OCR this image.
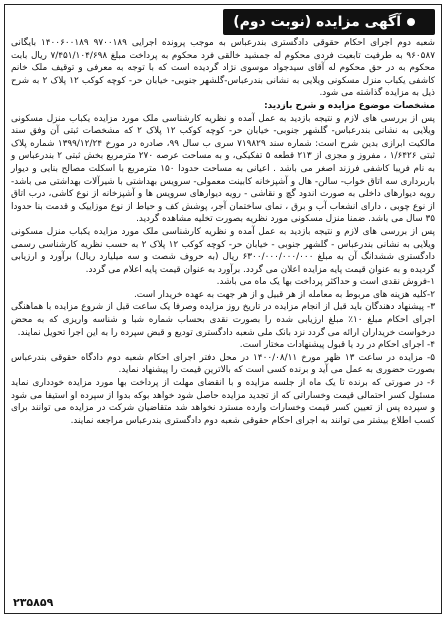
آگهی مزایده (نوبت دوم)

شعبه دوم اجرای احکام حقوقی دادگستری بندرعباس به موجب پرونده اجرایی ۹۷۰۰۱۸۹ ۱۴۰۰۶۰۰۱۸۹ بایگانی ۹۶۰۵۸۷ به طرفیت تابعیت فردی محکوم له جمشید خالقی فرد محکوم به پرداخت مبلغ ۷/۴۵۱/۱۰۴/۶۹۸ ریال بابت محکوم به در حق محکوم له آقای سیدجواد موسوی نژاد گردیده است که با توجه به معرفی و توقیف ملک خانم کاشفی یکباب منزل مسکونی ویلایی به نشانی بندرعباس-گلشهر جنوبی- خیابان حر- کوچه کوکب ۱۲ پلاک ۲ به شرح ذیل به مزایده گذاشته می شود.

مشخصات موضوع مزایده و شرح بازدید:

پس از بررسی های لازم و نتیجه بازدید به عمل آمده و نظریه کارشناسی ملک مورد مزایده یکباب منزل مسکونی ویلایی به نشانی بندرعباس- گلشهر جنوبی- خیابان حر- کوچه کوکب ۱۲ پلاک ۲ که مشخصات ثبتی آن وفق سند مالکیت ابرازی بدین شرح است: شماره سند ۷۱۹۸۲۹ سری ب سال ۹۹، صادره در مورخ ۱۳۹۹/۱۲/۲۴ شماره پلاک ثبتی ۱/۶۴۲۶ ، مفروز و مجزی از ۲۱۳ قطعه ۵ تفکیکی، و به مساحت عرصه ۲۷۰ مترمربع بخش ثبتی ۲ بندرعباس و به نام فریبا کاشفی فرزند اصغر می باشد . اعیانی به مساحت حدودا ۱۵۰ مترمربع با اسکلت مصالح بنایی و دیوار باربرداری سه اتاق خواب- سالن- هال و آشپزخانه کابینت معمولی- سرویس بهداشتی با شیرآلات بهداشتی می باشد- رویه دیوارهای داخلی به صورت اندود گچ و نقاشی - رویه دیوارهای سرویس ها و آشپزخانه از نوع کاشی، درب اتاق از نوع چوبی ، دارای انشعاب آب و برق ، نمای ساختمان آجر، پوشش کف و حیاط از نوع موزاییک و قدمت بنا حدودا ۳۵ سال می باشد. ضمنا منزل مسکونی مورد نظریه بصورت تخلیه مشاهده گردید.

پس از بررسی های لازم و نتیجه بازدید به عمل آمده و نظریه کارشناسی ملک مورد مزایده یکباب منزل مسکونی ویلایی به نشانی بندرعباس - گلشهر جنوبی - خیابان حر- کوچه کوکب ۱۲ پلاک ۲ به حسب نظریه کارشناسی رسمی دادگستری ششدانگ آن به مبلغ ۶۳۰۰/۰۰۰/۰۰۰/۰۰۰ ریال (به حروف شصت و سه میلیارد ریال) برآورد و ارزیابی گردیده و به عنوان قیمت پایه مزایده اعلان می گردد. برآورد به عنوان قیمت پایه اعلام می گردد.

۱-فروش نقدی است و حداکثر پرداخت بها یک ماه می باشد.

۲-کلیه هزینه های مربوط به معامله از هر قبیل و از هر جهت به عهده خریدار است.

۳- پیشنهاد دهندگان باید قبل از انجام مزایده در تاریخ روز مزایده وصرفا یک ساعت قبل از شروع مزایده با هماهنگی اجرای احکام مبلغ ۱۰٪ مبلغ ارزیابی شده را بصورت نقدی بحساب شماره شبا و شناسه واریزی که به محض درخواست خریداران ارائه می گردد نزد بانک ملی شعبه دادگستری تودیع و قبض سپرده را به این اجرا تحویل نمایند.

۴- اجرای احکام در رد یا قبول پیشنهادات مختار است.

۵- مزایده در ساعت ۱۳ ظهر مورخ ۱۴۰۰/۰۸/۱۱ در محل دفتر اجرای احکام شعبه دوم دادگاه حقوقی بندرعباس بصورت حضوری به عمل می آید و برنده کسی است که بالاترین قیمت را پیشنهاد نماید.

۶- در صورتی که برنده تا یک ماه از جلسه مزایده و با انقضای مهلت از پرداخت بها مورد مزایده خودداری نماید مسئول کسر احتمالی قیمت وخساراتی که از تجدید مزایده حاصل شود خواهد بوکه بدوا از سپرده او استیفا می شود و سپرده پس از تعیین کسر قیمت وخسارات وارده مسترد نخواهد شد متقاضیان شرکت در مزایده می توانند برای کسب اطلاع بیشتر می توانند به اجرای احکام حقوقی شعبه دوم دادگستری بندرعباس مراجعه نمایند.

۲۳۵۸۵۹
